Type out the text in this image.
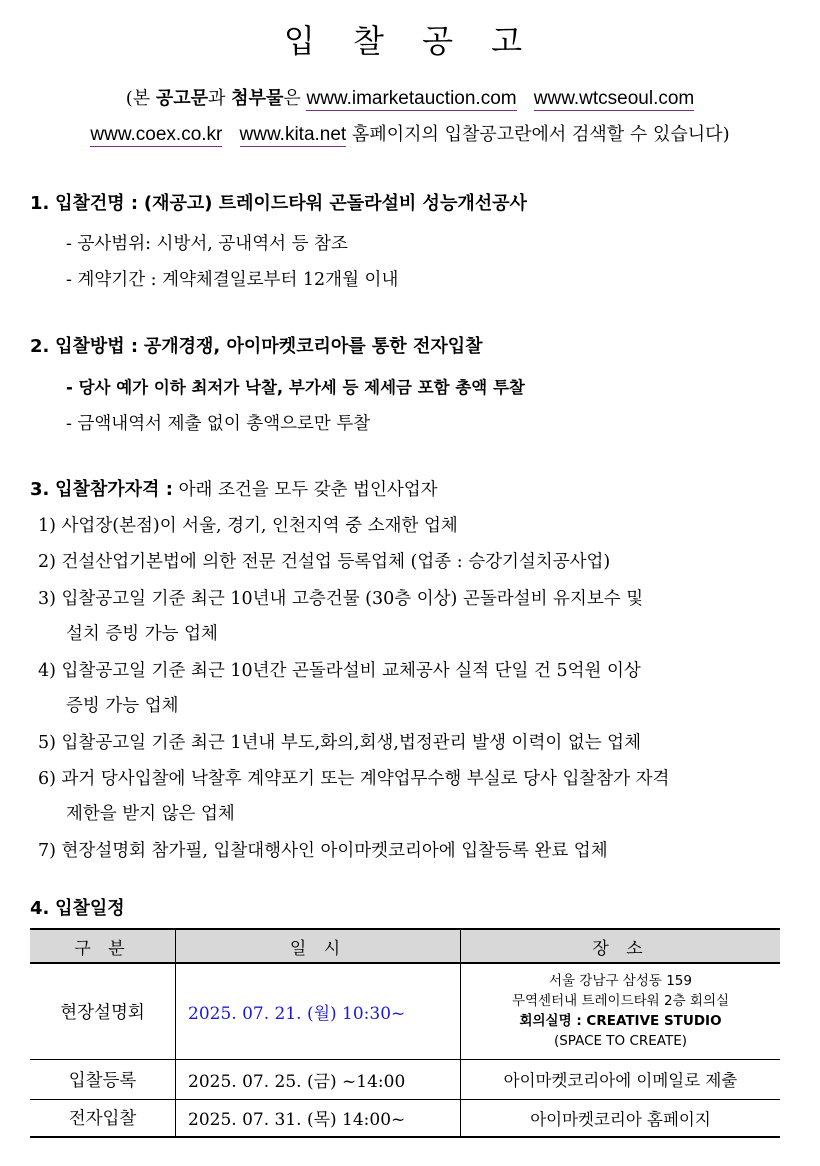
입 찰 공 고
(본 공고문과 첨부물은 www.imarketauction.com www.wtcseoul.com
www.coex.co.kr www.kita.net 홈페이지의 입찰공고란에서 검색할 수 있습니다)
1. 입찰건명 : (재공고) 트레이드타워 곤돌라설비 성능개선공사
- 공사범위: 시방서, 공내역서 등 참조
- 계약기간 : 계약체결일로부터 12개월 이내
2. 입찰방법 : 공개경쟁, 아이마켓코리아를 통한 전자입찰
- 당사 예가 이하 최저가 낙찰, 부가세 등 제세금 포함 총액 투찰
- 금액내역서 제출 없이 총액으로만 투찰
3. 입찰참가자격 : 아래 조건을 모두 갖춘 법인사업자
1) 사업장(본점)이 서울, 경기, 인천지역 중 소재한 업체
2) 건설산업기본법에 의한 전문 건설업 등록업체 (업종 : 승강기설치공사업)
3) 입찰공고일 기준 최근 10년내 고층건물 (30층 이상) 곤돌라설비 유지보수 및
설치 증빙 가능 업체
4) 입찰공고일 기준 최근 10년간 곤돌라설비 교체공사 실적 단일 건 5억원 이상
증빙 가능 업체
5) 입찰공고일 기준 최근 1년내 부도,화의,회생,법정관리 발생 이력이 없는 업체
6) 과거 당사입찰에 낙찰후 계약포기 또는 계약업무수행 부실로 당사 입찰참가 자격
제한을 받지 않은 업체
7) 현장설명회 참가필, 입찰대행사인 아이마켓코리아에 입찰등록 완료 업체
4. 입찰일정
구 분	일 시	장 소
현장설명회	2025. 07. 21. (월) 10:30~	서울 강남구 삼성동 159
무역센터내 트레이드타워 2층 회의실
회의실명 : CREATIVE STUDIO
(SPACE TO CREATE)

입찰등록	2025. 07. 25. (금) ~14:00	아이마켓코리아에 이메일로 제출
전자입찰	2025. 07. 31. (목) 14:00~	아이마켓코리아 홈페이지
